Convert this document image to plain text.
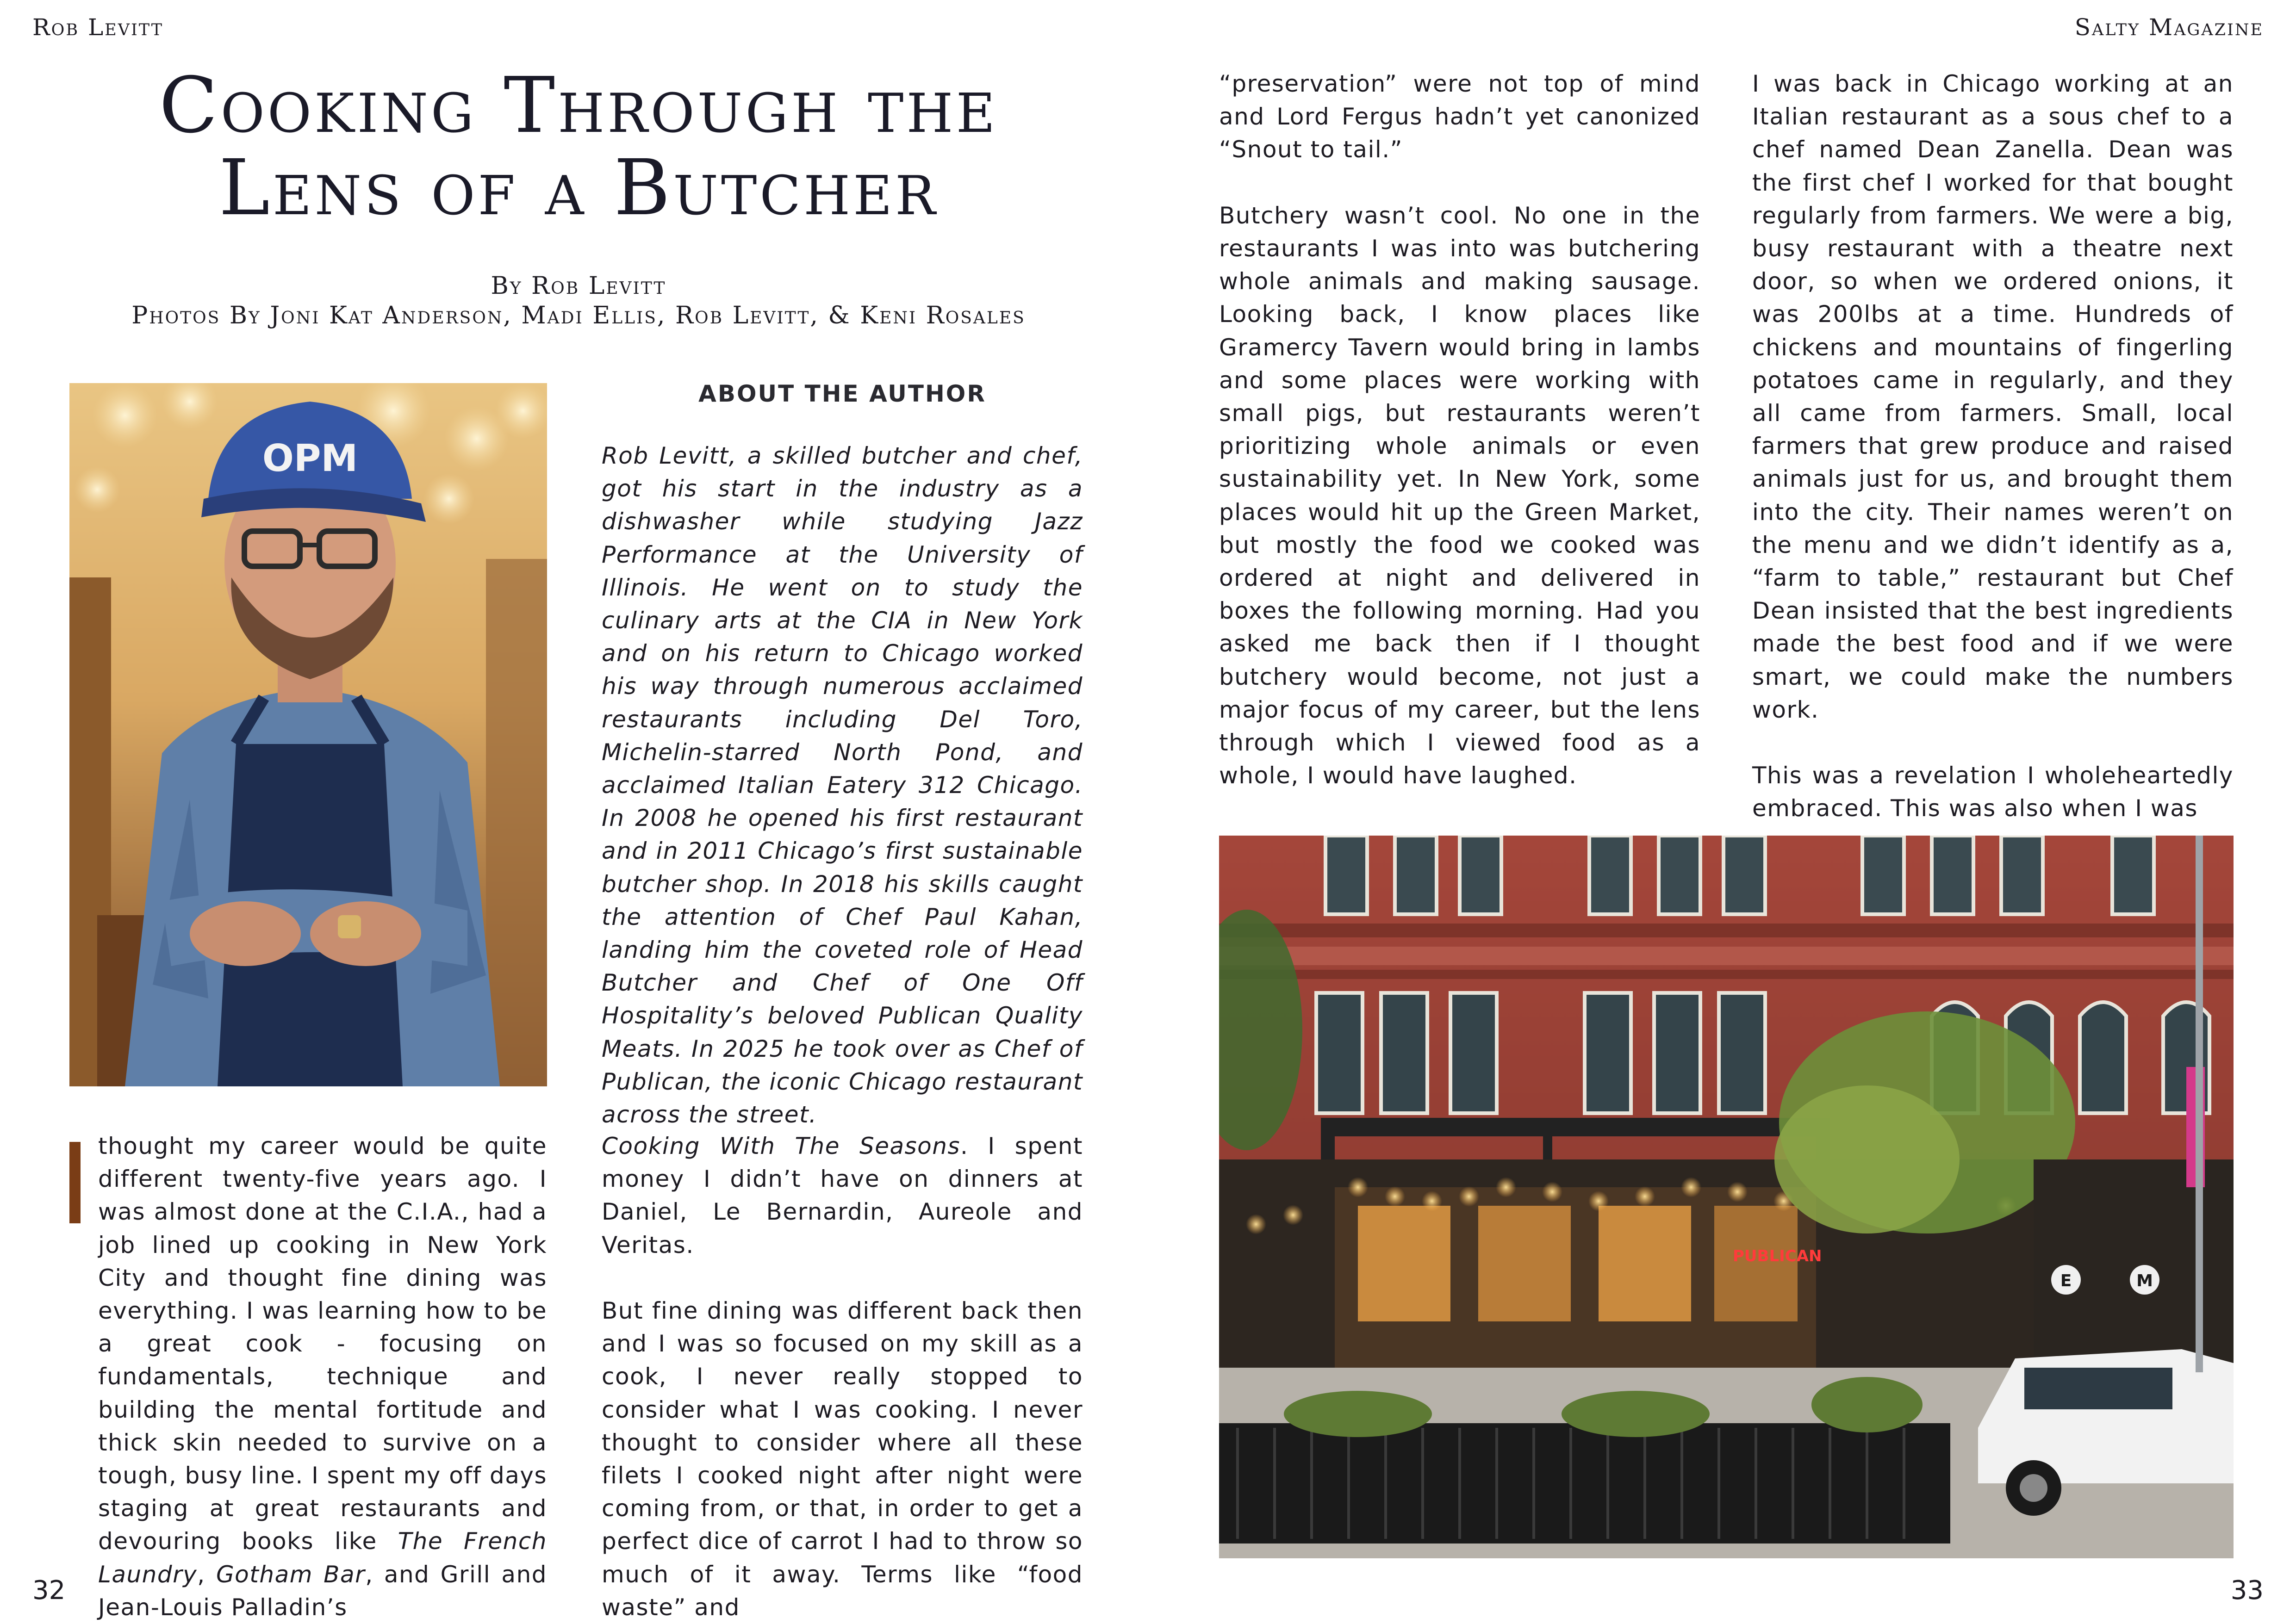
Rob Levitt	Salty Magazine
Cooking Through the
Lens of a Butcher
By Rob Levitt
Photos By Joni Kat Anderson, Madi Ellis, Rob Levitt, & Keni Rosales
OPM
ABOUT THE AUTHOR

Rob Levitt, a skilled butcher and chef, got his start in the industry as a dishwasher while studying Jazz Performance at the University of Illinois. He went on to study the culinary arts at the CIA in New York and on his return to Chicago worked his way through numerous acclaimed restaurants including Del Toro, Michelin-starred North Pond, and acclaimed Italian Eatery 312 Chicago. In 2008 he opened his first restaurant and in 2011 Chicago’s first sustainable butcher shop. In 2018 his skills caught the attention of Chef Paul Kahan, landing him the coveted role of Head Butcher and Chef of One Off Hospitality’s beloved Publican Quality Meats. In 2025 he took over as Chef of Publican, the iconic Chicago restaurant across the street.

thought my career would be quite different twenty-five years ago. I was almost done at the C.I.A., had a job lined up cooking in New York City and thought fine dining was everything. I was learning how to be a great cook - focusing on fundamentals, technique and building the mental fortitude and thick skin needed to survive on a tough, busy line. I spent my off days staging at great restaurants and devouring books like The French Laundry, Gotham Bar, and Grill and Jean-Louis Palladin’s

Cooking With The Seasons. I spent money I didn’t have on dinners at Daniel, Le Bernardin, Aureole and Veritas.

But fine dining was different back then and I was so focused on my skill as a cook, I never really stopped to consider what I was cooking. I never thought to consider where all these filets I cooked night after night were coming from, or that, in order to get a perfect dice of carrot I had to throw so much of it away. Terms like “food waste” and

“preservation” were not top of mind and Lord Fergus hadn’t yet canonized “Snout to tail.”

Butchery wasn’t cool. No one in the restaurants I was into was butchering whole animals and making sausage. Looking back, I know places like Gramercy Tavern would bring in lambs and some places were working with small pigs, but restaurants weren’t prioritizing whole animals or even sustainability yet. In New York, some places would hit up the Green Market, but mostly the food we cooked was ordered at night and delivered in boxes the following morning. Had you asked me back then if I thought butchery would become, not just a major focus of my career, but the lens through which I viewed food as a whole, I would have laughed.

I was back in Chicago working at an Italian restaurant as a sous chef to a chef named Dean Zanella. Dean was the first chef I worked for that bought regularly from farmers. We were a big, busy restaurant with a theatre next door, so when we ordered onions, it was 200lbs at a time. Hundreds of chickens and mountains of fingerling potatoes came in regularly, and they all came from farmers. Small, local farmers that grew produce and raised animals just for us, and brought them into the city. Their names weren’t on the menu and we didn’t identify as a, “farm to table,” restaurant but Chef Dean insisted that the best ingredients made the best food and if we were smart, we could make the numbers work.

This was a revelation I wholeheartedly embraced. This was also when I was

PUBLICAN
E	M
32	33
